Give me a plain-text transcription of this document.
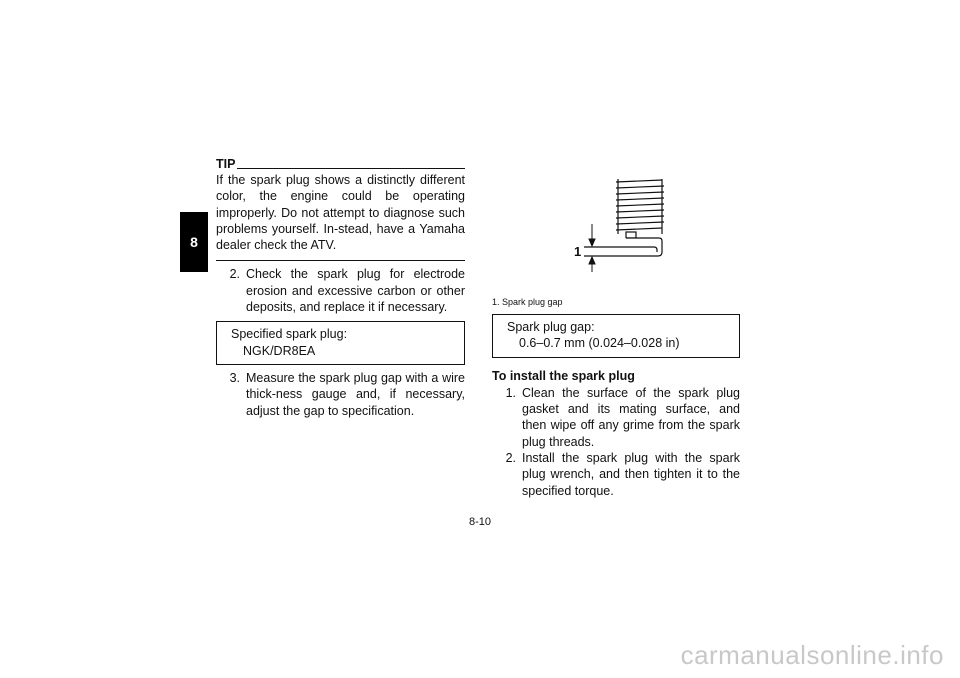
8
TIP
If the spark plug shows a distinctly different color, the engine could be operating improperly. Do not attempt to diagnose such problems yourself. In-stead, have a Yamaha dealer check the ATV.
2. Check the spark plug for electrode erosion and excessive carbon or other deposits, and replace it if necessary.
Specified spark plug:
NGK/DR8EA
3. Measure the spark plug gap with a wire thick-ness gauge and, if necessary, adjust the gap to specification.
1
1. Spark plug gap
Spark plug gap:
0.6–0.7 mm (0.024–0.028 in)
To install the spark plug
1. Clean the surface of the spark plug gasket and its mating surface, and then wipe off any grime from the spark plug threads.
2. Install the spark plug with the spark plug wrench, and then tighten it to the specified torque.
8-10
carmanualsonline.info
